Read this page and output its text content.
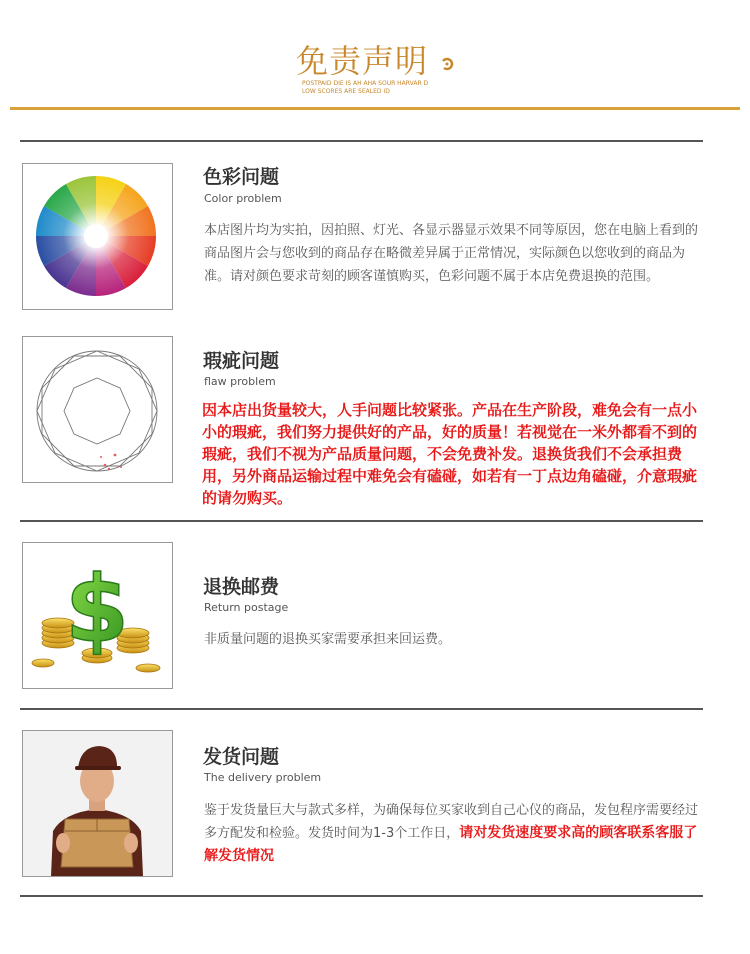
免责声明
POSTPAID DIE IS AH AHA SOUR HARVAR D LOW SCORES ARE SEALED ID
色彩问题
Color problem
本店图片均为实拍，因拍照、灯光、各显示器显示效果不同等原因，您在电脑上看到的商品图片会与您收到的商品存在略微差异属于正常情况，实际颜色以您收到的商品为准。请对颜色要求苛刻的顾客谨慎购买，色彩问题不属于本店免费退换的范围。
瑕疵问题
flaw problem
因本店出货量较大，人手问题比较紧张。产品在生产阶段，难免会有一点小小的瑕疵，我们努力提供好的产品，好的质量！若视觉在一米外都看不到的瑕疵，我们不视为产品质量问题，不会免费补发。退换货我们不会承担费用，另外商品运输过程中难免会有磕碰，如若有一丁点边角磕碰，介意瑕疵 的请勿购买。
$	退换邮费
Return postage
非质量问题的退换买家需要承担来回运费。
发货问题
The delivery problem
鉴于发货量巨大与款式多样，为确保每位买家收到自己心仪的商品，发包程序需要经过多方配发和检验。发货时间为1-3个工作日，请对发货速度要求高的顾客联系客服了解发货情况
